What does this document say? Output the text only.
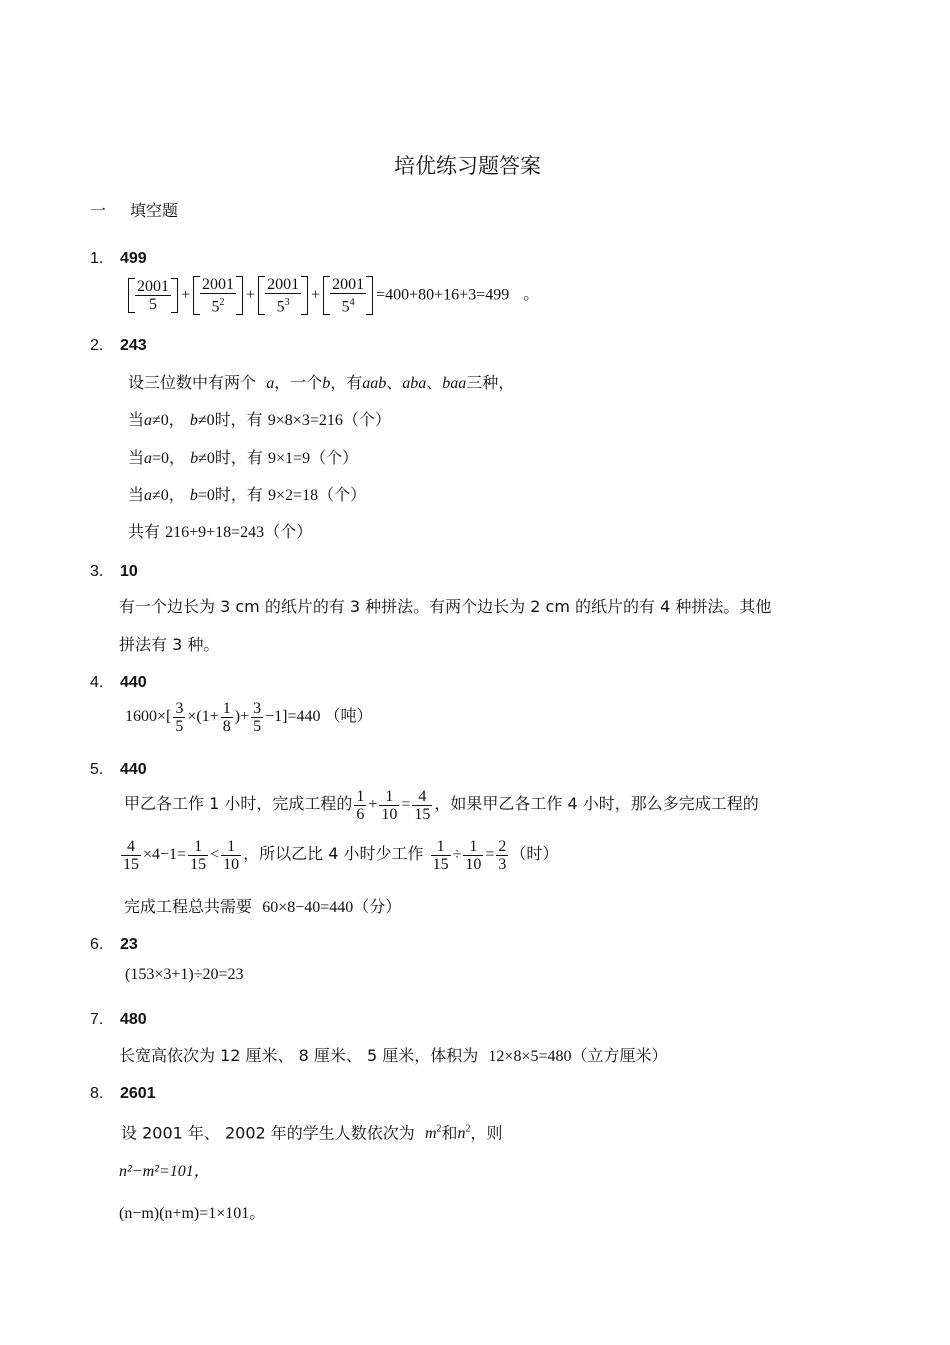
培优练习题答案
一 填空题
1. 499
$\frac{2001}{5} + \frac{2001}{5^2} + \frac{2001}{5^3} + \frac{2001}{5^4} =400+80+16+3=499$ 。
2. 243
设三位数中有两个 a，一个b，有aab、aba、baa三种，
当a≠0， b≠0时，有 9×8×3=216（个）
当a=0， b≠0时，有 9×1=9（个）
当a≠0， b=0时，有 9×2=18（个）
共有 216+9+18=243（个）
3. 10
有一个边长为 3 cm 的纸片的有 3 种拼法。有两个边长为 2 cm 的纸片的有 4 种拼法。其他
拼法有 3 种。
4. 440
$1600\times[ \frac{3}{5} \times(1+ \frac{1}{8}$ )+ $\frac{3}{5} -1]=440$ （吨）
5. 440
甲乙各工作 1 小时，完成工程的 $\frac{1}{6} + \frac{1}{10} = \frac{4}{15}$ ，如果甲乙各工作 4 小时，那么多完成工程的
$\frac{4}{15} \times 4-1= \frac{1}{15} < \frac{1}{10}$ ，所以乙比 4 小时少工作 $\frac{1}{15} \div \frac{1}{10} = \frac{2}{3}$ （时）
完成工程总共需要 60×8−40=440（分）
6. 23
(153×3+1)÷20=23
7. 480
长宽高依次为 12 厘米、 8 厘米、 5 厘米，体积为 12×8×5=480（立方厘米）
8. 2601
设 2001 年、 2002 年的学生人数依次为 $m^2$和$n^2$，则
n²−m²=101，
(n−m)(n+m)=1×101。
